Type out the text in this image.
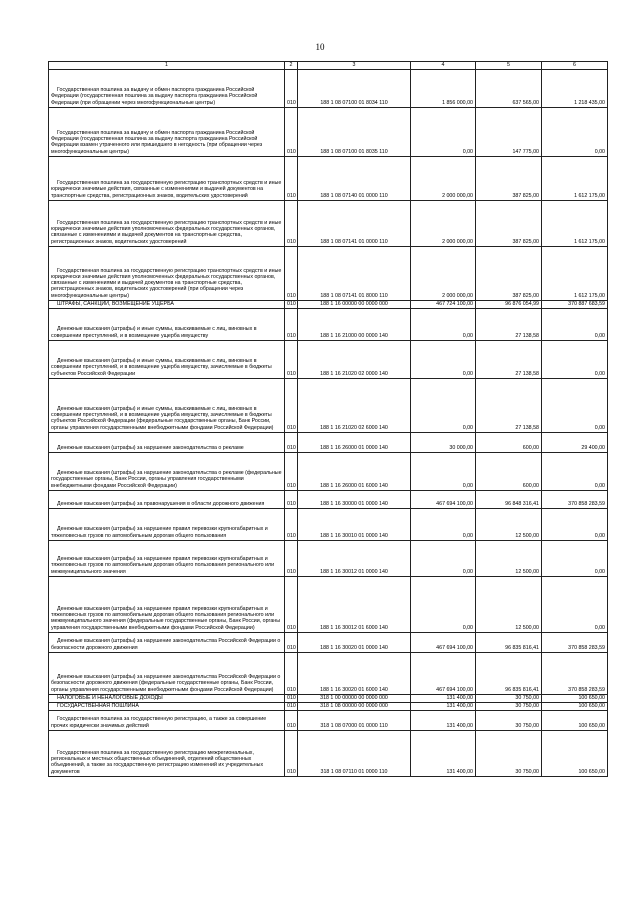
10
1	2	3	4	5	6

Государственная пошлина за выдачу и обмен паспорта гражданина Российской Федерации (государственная пошлина за выдачу паспорта гражданина Российской Федерации (при обращении через многофункциональные центры)	010	188 1 08 07100 01 8034 110	1 856 000,00	637 565,00	1 218 435,00

Государственная пошлина за выдачу и обмен паспорта гражданина Российской Федерации (государственная пошлина за выдачу паспорта гражданина Российской Федерации взамен утраченного или пришедшего в негодность (при обращении через многофункциональные центры)	010	188 1 08 07100 01 8035 110	0,00	147 775,00	0,00

Государственная пошлина за государственную регистрацию транспортных средств и иные юридически значимые действия, связанные с изменениями и выдачей документов на транспортные средства, регистрационных знаков, водительских удостоверений	010	188 1 08 07140 01 0000 110	2 000 000,00	387 825,00	1 612 175,00

Государственная пошлина за государственную регистрацию транспортных средств и иные юридически значимые действия уполномоченных федеральных государственных органов, связанные с изменениями и выдачей документов на транспортные средства, регистрационных знаков, водительских удостоверений	010	188 1 08 07141 01 0000 110	2 000 000,00	387 825,00	1 612 175,00

Государственная пошлина за государственную регистрацию транспортных средств и иные юридически значимые действия уполномоченных федеральных государственных органов, связанные с изменениями и выдачей документов на транспортные средства, регистрационных знаков, водительских удостоверений (при обращении через многофункциональные центры)	010	188 1 08 07141 01 8000 110	2 000 000,00	387 825,00	1 612 175,00

ШТРАФЫ, САНКЦИИ, ВОЗМЕЩЕНИЕ УЩЕРБА	010	188 1 16 00000 00 0000 000	467 724 100,00	96 876 054,99	370 887 683,59

Денежные взыскания (штрафы) и иные суммы, взыскиваемые с лиц, виновных в совершении преступлений, и в возмещение ущерба имуществу	010	188 1 16 21000 00 0000 140	0,00	27 138,58	0,00

Денежные взыскания (штрафы) и иные суммы, взыскиваемые с лиц, виновных в совершении преступлений, и в возмещение ущерба имуществу, зачисляемые в бюджеты субъектов Российской Федерации	010	188 1 16 21020 02 0000 140	0,00	27 138,58	0,00

Денежные взыскания (штрафы) и иные суммы, взыскиваемые с лиц, виновных в совершении преступлений, и в возмещение ущерба имуществу, зачисляемые в бюджеты субъектов Российской Федерации (федеральные государственные органы, Банк России, органы управления государственными внебюджетными фондами Российской Федерации)	010	188 1 16 21020 02 6000 140	0,00	27 138,58	0,00

Денежные взыскания (штрафы) за нарушение законодательства о рекламе	010	188 1 16 26000 01 0000 140	30 000,00	600,00	29 400,00

Денежные взыскания (штрафы) за нарушение законодательства о рекламе (федеральные государственные органы, Банк России, органы управления государственными внебюджетными фондами Российской Федерации)	010	188 1 16 26000 01 6000 140	0,00	600,00	0,00

Денежные взыскания (штрафы) за правонарушения в области дорожного движения	010	188 1 16 30000 01 0000 140	467 694 100,00	96 848 316,41	370 858 283,59

Денежные взыскания (штрафы) за нарушение правил перевозки крупногабаритных и тяжеловесных грузов по автомобильным дорогам общего пользования	010	188 1 16 30010 01 0000 140	0,00	12 500,00	0,00

Денежные взыскания (штрафы) за нарушение правил перевозки крупногабаритных и тяжеловесных грузов по автомобильным дорогам общего пользования регионального или межмуниципального значения	010	188 1 16 30012 01 0000 140	0,00	12 500,00	0,00

Денежные взыскания (штрафы) за нарушение правил перевозки крупногабаритных и тяжеловесных грузов по автомобильным дорогам общего пользования регионального или межмуниципального значения (федеральные государственные органы, Банк России, органы управления государственными внебюджетными фондами Российской Федерации)	010	188 1 16 30012 01 6000 140	0,00	12 500,00	0,00

Денежные взыскания (штрафы) за нарушение законодательства Российской Федерации о безопасности дорожного движения	010	188 1 16 30020 01 0000 140	467 694 100,00	96 835 816,41	370 858 283,59

Денежные взыскания (штрафы) за нарушение законодательства Российской Федерации о безопасности дорожного движения (федеральные государственные органы, Банк России, органы управления государственными внебюджетными фондами Российской Федерации)	010	188 1 16 30020 01 6000 140	467 694 100,00	96 835 816,41	370 858 283,59

НАЛОГОВЫЕ И НЕНАЛОГОВЫЕ ДОХОДЫ	010	318 1 00 00000 00 0000 000	131 400,00	30 750,00	100 650,00

ГОСУДАРСТВЕННАЯ ПОШЛИНА	010	318 1 08 00000 00 0000 000	131 400,00	30 750,00	100 650,00

Государственная пошлина за государственную регистрацию, а также за совершение прочих юридически значимых действий	010	318 1 08 07000 01 0000 110	131 400,00	30 750,00	100 650,00

Государственная пошлина за государственную регистрацию межрегиональных, региональных и местных общественных объединений, отделений общественных объединений, а также за государственную регистрацию изменений их учредительных документов	010	318 1 08 07110 01 0000 110	131 400,00	30 750,00	100 650,00
